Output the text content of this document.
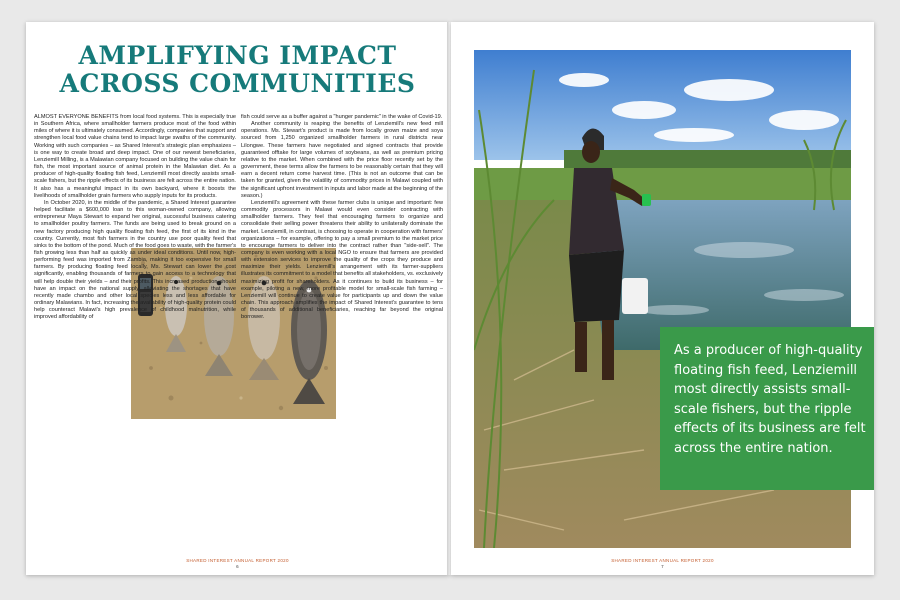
AMPLIFYING IMPACT
ACROSS COMMUNITIES

ALMOST EVERYONE BENEFITS from local food systems. This is especially true in Southern Africa, where smallholder farmers produce most of the food within miles of where it is ultimately consumed. Accordingly, companies that support and strengthen local food value chains tend to impact large swaths of the community. Working with such companies – as Shared Interest's strategic plan emphasizes – is one way to create broad and deep impact. One of our newest beneficiaries, Lenziemill Milling, is a Malawian company focused on building the value chain for fish, the most important source of animal protein in the Malawian diet. As a producer of high-quality floating fish feed, Lenziemill most directly assists small-scale fishers, but the ripple effects of its business are felt across the entire nation. It also has a meaningful impact in its own backyard, where it boosts the livelihoods of smallholder grain farmers who supply inputs for its products.

In October 2020, in the middle of the pandemic, a Shared Interest guarantee helped facilitate a $600,000 loan to this woman-owned company, allowing entrepreneur Maya Stewart to expand her original, successful business catering to smallholder poultry farmers. The funds are being used to break ground on a new factory producing high quality floating fish feed, the first of its kind in the country. Currently, most fish farmers in the country use poor quality feed that sinks to the bottom of the pond. Much of the food goes to waste, with the farmer's fish growing less than half as quickly as under ideal conditions. Until now, high-performing feed was imported from Zambia, making it too expensive for small farmers. By producing floating feed locally, Ms. Stewart can lower the cost significantly, enabling thousands of farmers to gain access to a technology that will help double their yields – and their profits. This increased production should have an impact on the national supply, alleviating the shortages that have recently made chambo and other local species less and less affordable for ordinary Malawians. In fact, increasing the availability of high-quality protein could help counteract Malawi's high prevalence of childhood malnutrition, while improved affordability of

fish could serve as a buffer against a "hunger pandemic" in the wake of Covid-19.

Another community is reaping the benefits of Lenziemill's new feed mill operations. Ms. Stewart's product is made from locally grown maize and soya sourced from 1,250 organized smallholder farmers in rural districts near Lilongwe. These farmers have negotiated and signed contracts that provide guaranteed offtake for large volumes of soybeans, as well as premium pricing relative to the market. When combined with the price floor recently set by the government, these terms allow the farmers to be reasonably certain that they will earn a decent return come harvest time. (This is not an outcome that can be taken for granted, given the volatility of commodity prices in Malawi coupled with the significant upfront investment in inputs and labor made at the beginning of the season.)

Lenziemill's agreement with these farmer clubs is unique and important: few commodity processors in Malawi would even consider contracting with smallholder farmers. They feel that encouraging farmers to organize and consolidate their selling power threatens their ability to unilaterally dominate the market. Lenziemill, in contrast, is choosing to operate in cooperation with farmers' organizations – for example, offering to pay a small premium to the market price to encourage farmers to deliver into the contract rather than "side-sell". The company is even working with a local NGO to ensure that farmers are provided with extension services to improve the quality of the crops they produce and maximize their yields. Lenziemill's arrangement with its farmer-suppliers illustrates its commitment to a model that benefits all stakeholders, vs. exclusively maximizing profit for shareholders. As it continues to build its business – for example, piloting a new, more profitable model for small-scale fish farming – Lenziemill will continue to create value for participants up and down the value chain. This approach amplifies the impact of Shared Interest's guarantee to tens of thousands of additional beneficiaries, reaching far beyond the original borrower.

SHARED INTEREST ANNUAL REPORT 2020
6
As a producer of high-quality floating fish feed, Lenziemill most directly assists small-scale fishers, but the ripple effects of its business are felt across the entire nation.
SHARED INTEREST ANNUAL REPORT 2020
7
